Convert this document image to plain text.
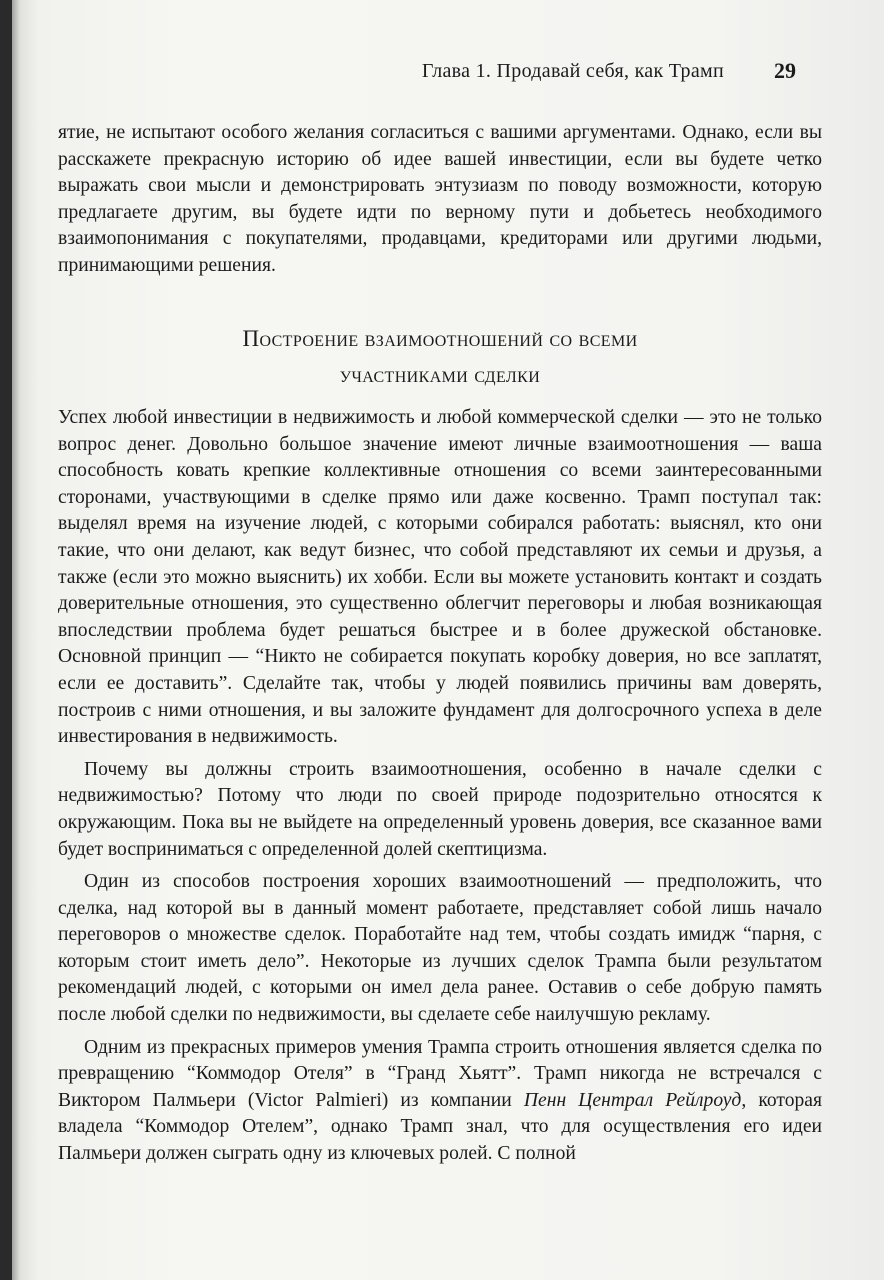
Глава 1. Продавай себя, как Трамп 29

ятие, не испытают особого желания согласиться с вашими аргументами. Однако, если вы расскажете прекрасную историю об идее вашей инвестиции, если вы будете четко выражать свои мысли и демонстрировать энтузиазм по поводу возможности, которую предлагаете другим, вы будете идти по верному пути и добьетесь необходимого взаимопонимания с покупателями, продавцами, кредиторами или другими людьми, принимающими решения.

Построение взаимоотношений со всеми
участниками сделки

Успех любой инвестиции в недвижимость и любой коммерческой сделки — это не только вопрос денег. Довольно большое значение имеют личные взаимоотношения — ваша способность ковать крепкие коллективные отношения со всеми заинтересованными сторонами, участвующими в сделке прямо или даже косвенно. Трамп поступал так: выделял время на изучение людей, с которыми собирался работать: выяснял, кто они такие, что они делают, как ведут бизнес, что собой представляют их семьи и друзья, а также (если это можно выяснить) их хобби. Если вы можете установить контакт и создать доверительные отношения, это существенно облегчит переговоры и любая возникающая впоследствии проблема будет решаться быстрее и в более дружеской обстановке. Основной принцип — “Никто не собирается покупать коробку доверия, но все заплатят, если ее доставить”. Сделайте так, чтобы у людей появились причины вам доверять, построив с ними отношения, и вы заложите фундамент для долгосрочного успеха в деле инвестирования в недвижимость.

Почему вы должны строить взаимоотношения, особенно в начале сделки с недвижимостью? Потому что люди по своей природе подозрительно относятся к окружающим. Пока вы не выйдете на определенный уровень доверия, все сказанное вами будет восприниматься с определенной долей скептицизма.

Один из способов построения хороших взаимоотношений — предположить, что сделка, над которой вы в данный момент работаете, представляет собой лишь начало переговоров о множестве сделок. Поработайте над тем, чтобы создать имидж “парня, с которым стоит иметь дело”. Некоторые из лучших сделок Трампа были результатом рекомендаций людей, с которыми он имел дела ранее. Оставив о себе добрую память после любой сделки по недвижимости, вы сделаете себе наилучшую рекламу.

Одним из прекрасных примеров умения Трампа строить отношения является сделка по превращению “Коммодор Отеля” в “Гранд Хьятт”. Трамп никогда не встречался с Виктором Палмьери (Victor Palmieri) из компании Пенн Централ Рейлроуд, которая владела “Коммодор Отелем”, однако Трамп знал, что для осуществления его идеи Палмьери должен сыграть одну из ключевых ролей. С полной
